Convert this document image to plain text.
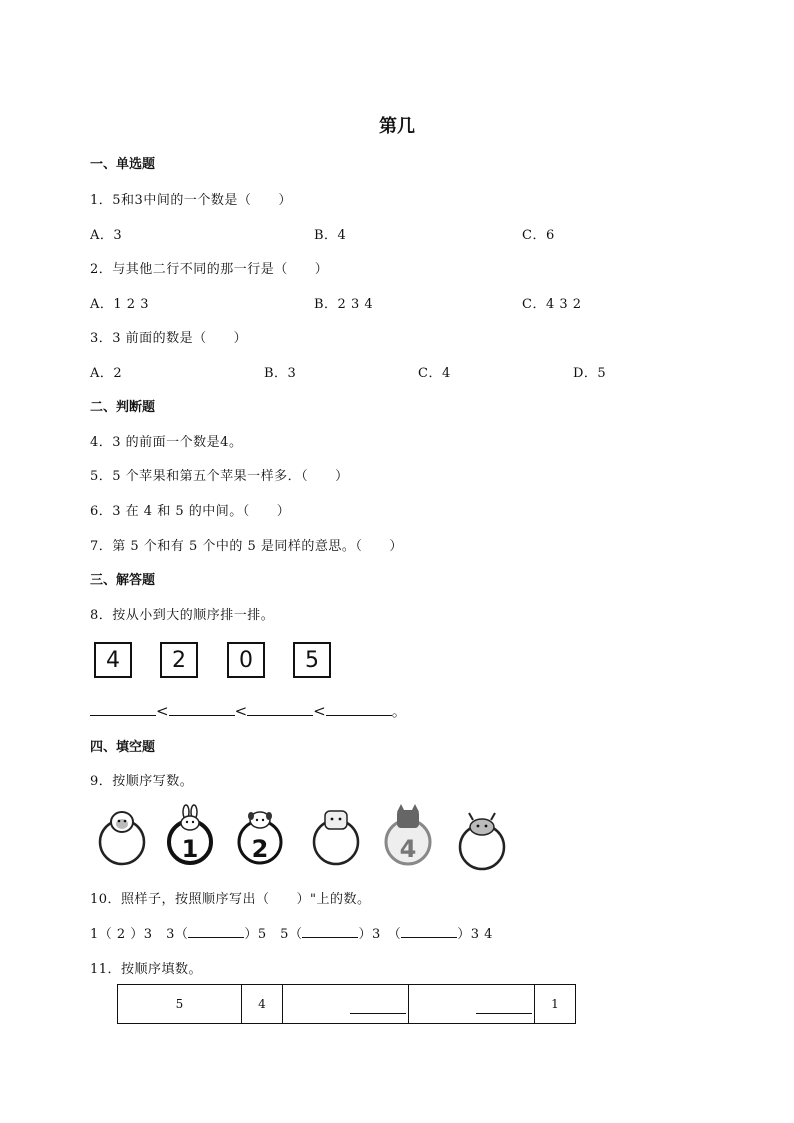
第几
一、单选题
1．5和3中间的一个数是（　　）
A．3	B．4	C．6
2．与其他二行不同的那一行是（　　）
A．1 2 3	B．2 3 4	C．4 3 2
3．3 前面的数是（　　）
A．2	B．3	C．4	D．5
二、判断题
4．3 的前面一个数是4。
5．5 个苹果和第五个苹果一样多．（　　）
6．3 在 4 和 5 的中间。（　　）
7．第 5 个和有 5 个中的 5 是同样的意思。（　　）
三、解答题
8．按从小到大的顺序排一排。
4	2	0	5
<	<	<	。
四、填空题
9．按顺序写数。
1 2	4
10．照样子，按照顺序写出（　　）"上的数。
1（ 2 ）3　 3（	）5　 5（	）3　（	）3 4
11．按顺序填数。
5	4			1
